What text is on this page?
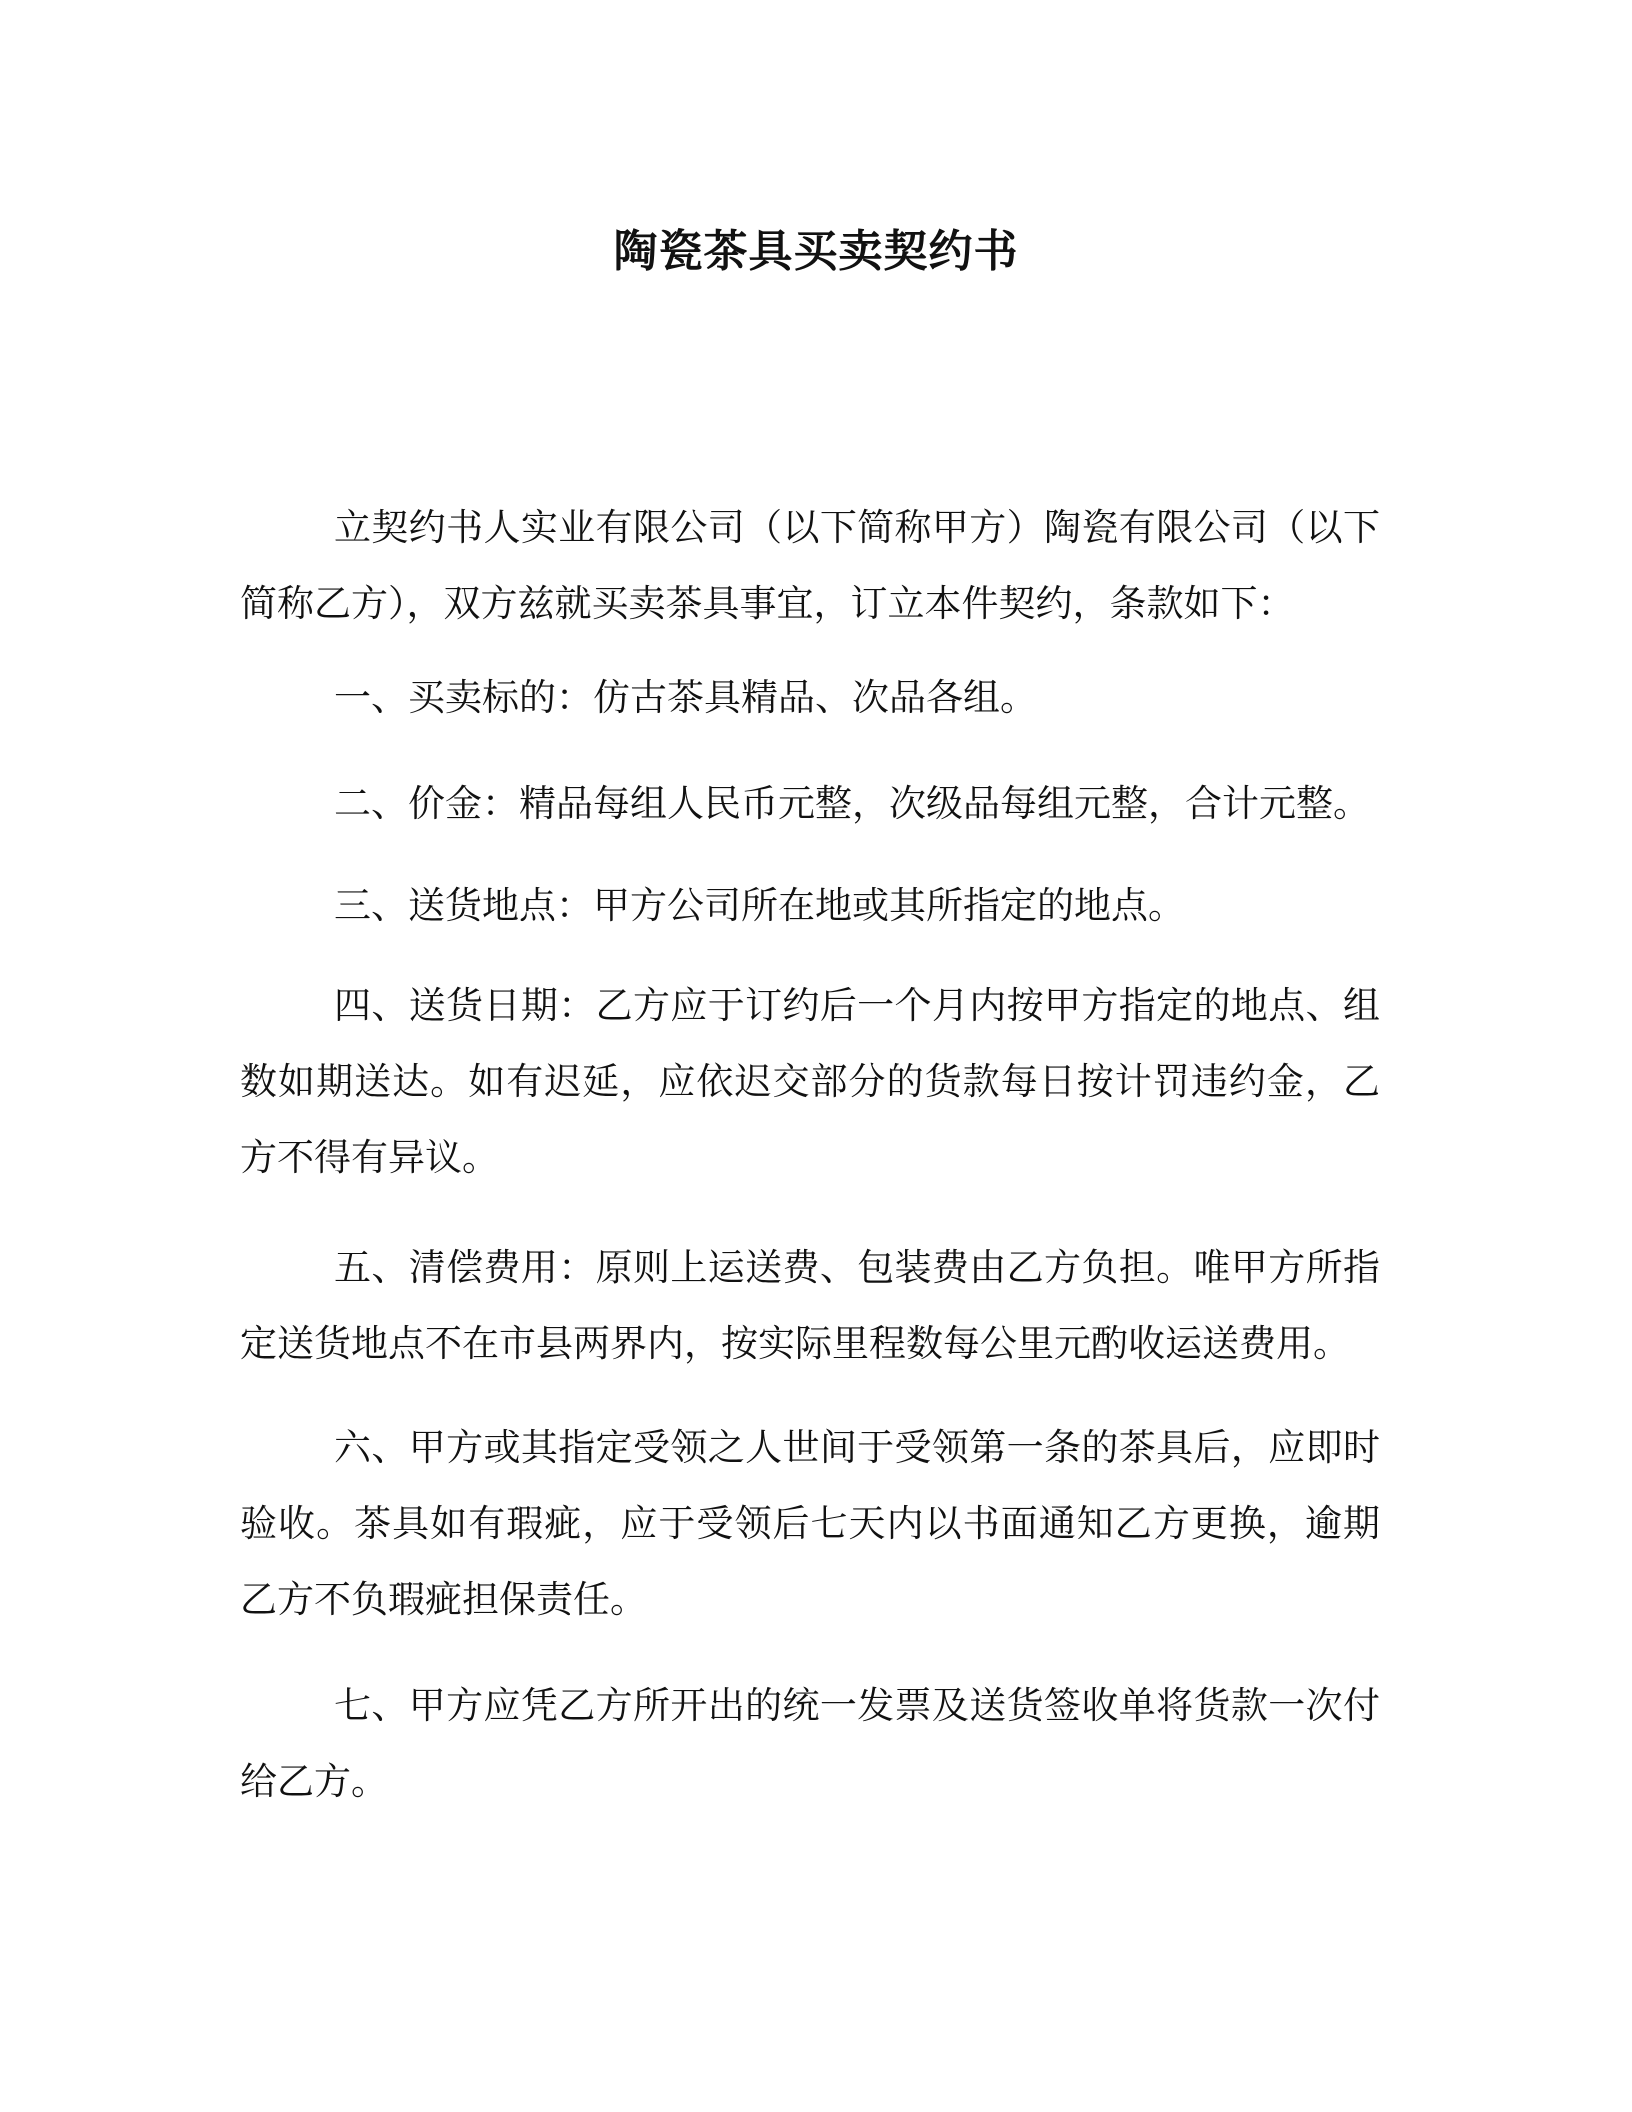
陶瓷茶具买卖契约书

立契约书人实业有限公司（以下简称甲方）陶瓷有限公司（以下简称乙方），双方兹就买卖茶具事宜，订立本件契约，条款如下：

一、买卖标的：仿古茶具精品、次品各组。

二、价金：精品每组人民币元整，次级品每组元整，合计元整。

三、送货地点：甲方公司所在地或其所指定的地点。

四、送货日期：乙方应于订约后一个月内按甲方指定的地点、组数如期送达。如有迟延，应依迟交部分的货款每日按计罚违约金，乙方不得有异议。

五、清偿费用：原则上运送费、包装费由乙方负担。唯甲方所指定送货地点不在市县两界内，按实际里程数每公里元酌收运送费用。

六、甲方或其指定受领之人世间于受领第一条的茶具后，应即时验收。茶具如有瑕疵，应于受领后七天内以书面通知乙方更换，逾期乙方不负瑕疵担保责任。

七、甲方应凭乙方所开出的统一发票及送货签收单将货款一次付给乙方。
